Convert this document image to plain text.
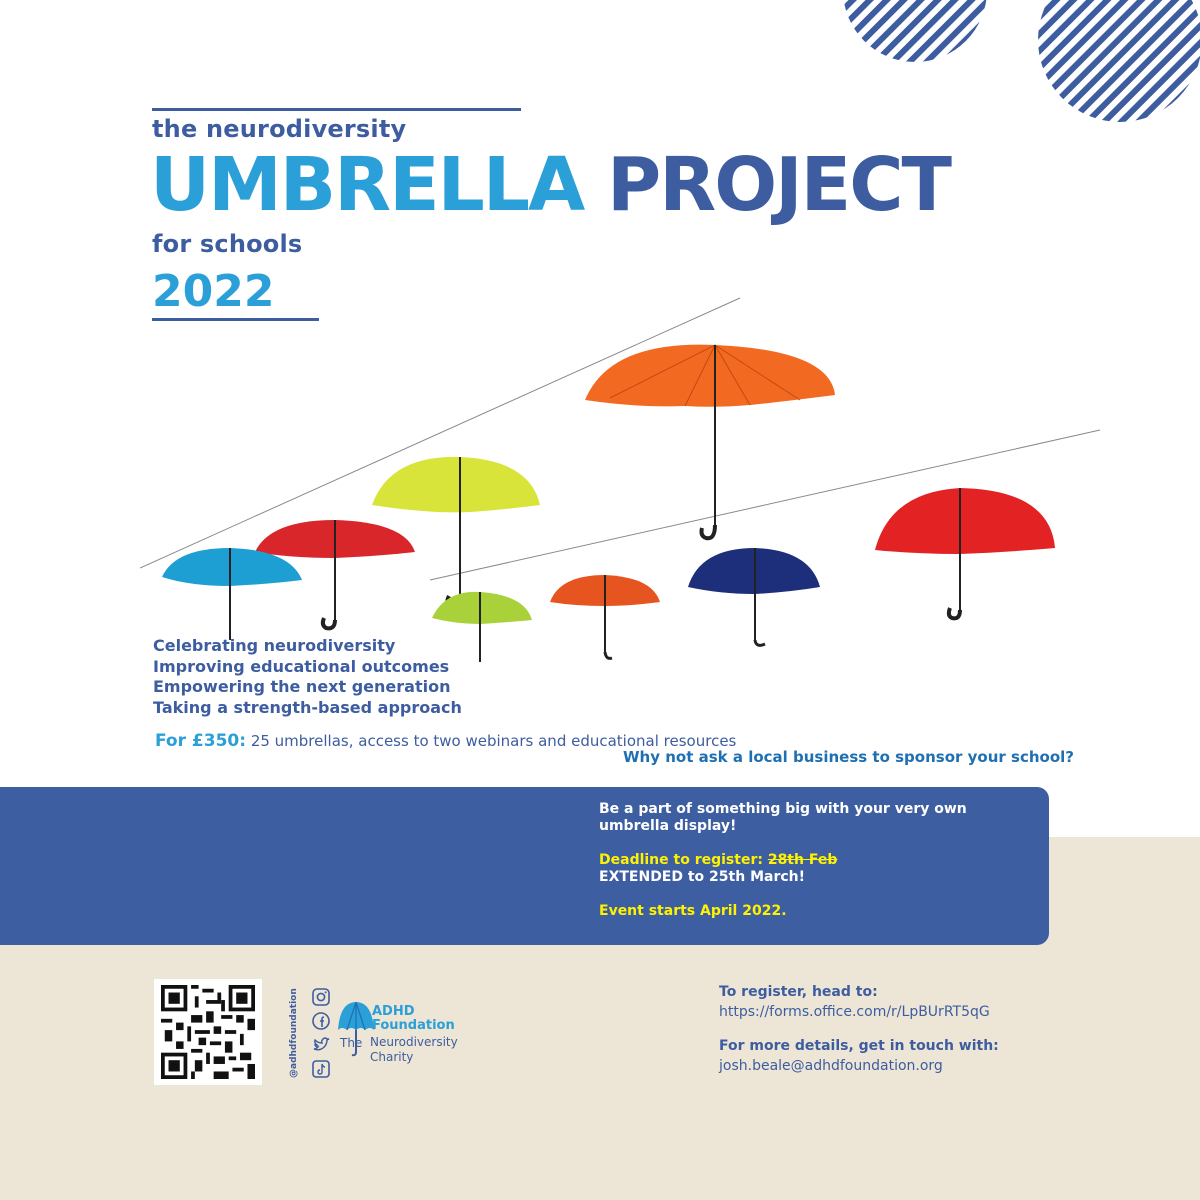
the neurodiversity
UMBRELLA PROJECT
for schools
2022
Celebrating neurodiversity
Improving educational outcomes
Empowering the next generation
Taking a strength-based approach
For £350: 25 umbrellas, access to two webinars and educational resources
Why not ask a local business to sponsor your school?

Be a part of something big with your very own umbrella display!

Deadline to register: 28th Feb

EXTENDED to 25th March!

Event starts April 2022.

@adhdfoundation	ADHD
Foundation
The Neurodiversity
Charity
To register, head to:
https://forms.office.com/r/LpBUrRT5qG
For more details, get in touch with:
josh.beale@adhdfoundation.org
